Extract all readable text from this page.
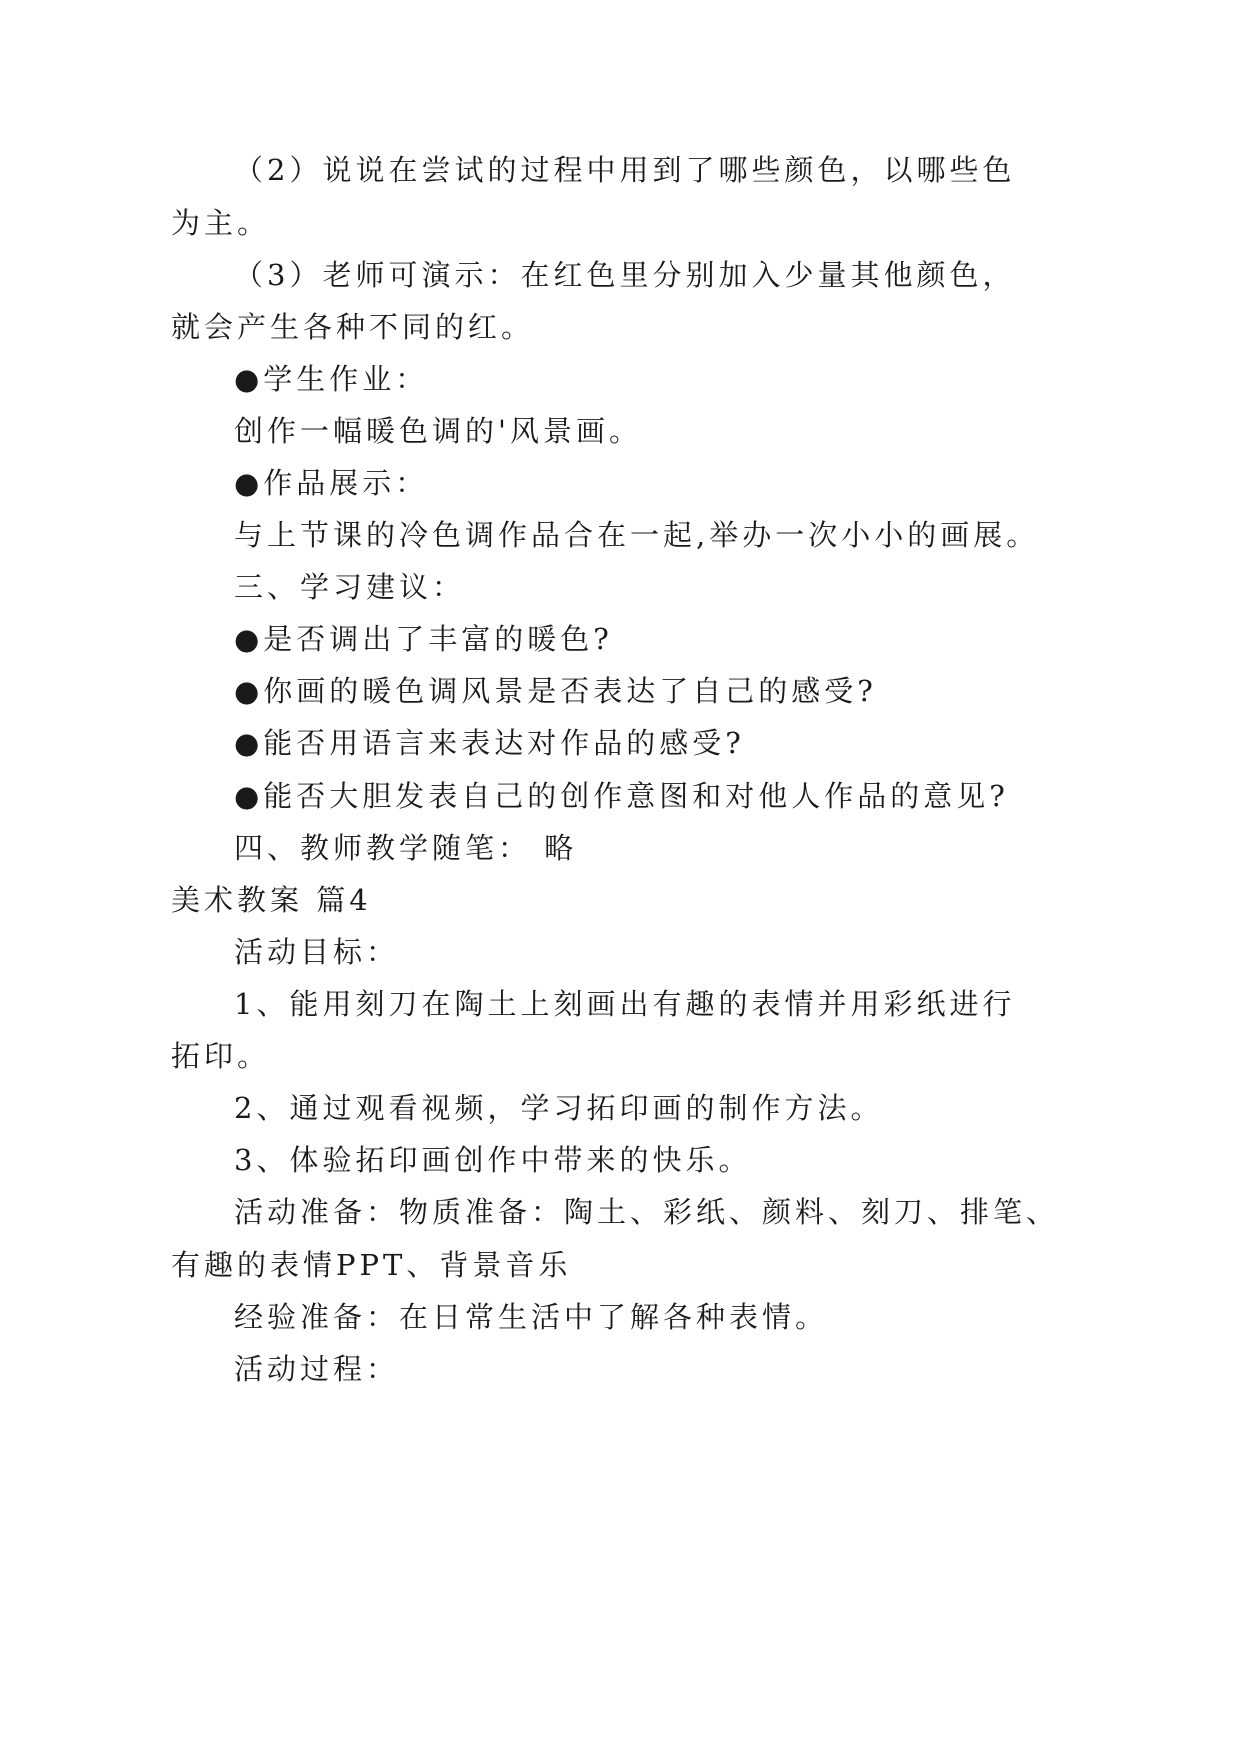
（2）说说在尝试的过程中用到了哪些颜色，以哪些色
为主。
（3）老师可演示：在红色里分别加入少量其他颜色，
就会产生各种不同的红。
●学生作业：
创作一幅暖色调的'风景画。
●作品展示：
与上节课的冷色调作品合在一起,举办一次小小的画展。
三、学习建议：
●是否调出了丰富的暖色?
●你画的暖色调风景是否表达了自己的感受?
●能否用语言来表达对作品的感受?
●能否大胆发表自己的创作意图和对他人作品的意见?
四、教师教学随笔： 略
美术教案 篇4
活动目标：
1、能用刻刀在陶土上刻画出有趣的表情并用彩纸进行
拓印。
2、通过观看视频，学习拓印画的制作方法。
3、体验拓印画创作中带来的快乐。
活动准备：物质准备：陶土、彩纸、颜料、刻刀、排笔、
有趣的表情PPT、背景音乐
经验准备：在日常生活中了解各种表情。
活动过程：
